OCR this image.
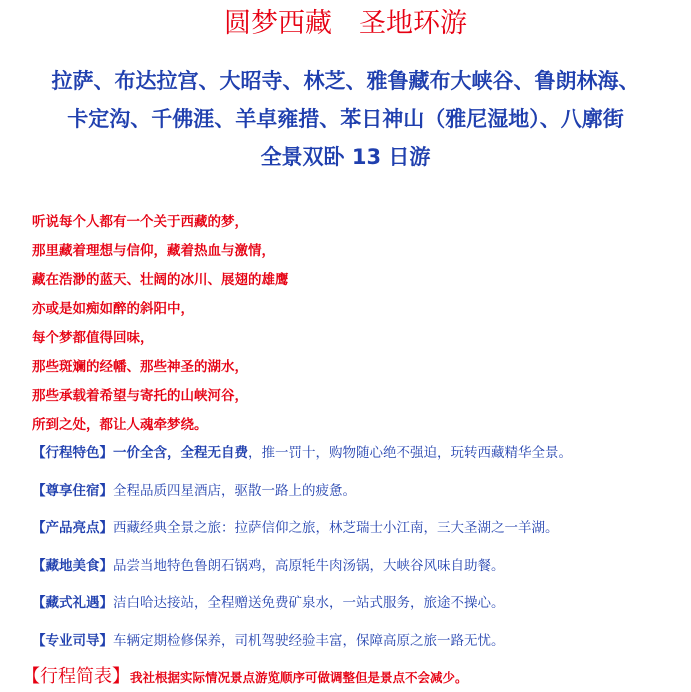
圆梦西藏　圣地环游
拉萨、布达拉宫、大昭寺、林芝、雅鲁藏布大峡谷、鲁朗林海、
卡定沟、千佛涯、羊卓雍措、苯日神山（雅尼湿地）、八廓街
全景双卧 13 日游
听说每个人都有一个关于西藏的梦，
那里藏着理想与信仰，藏着热血与激情，
藏在浩渺的蓝天、壮阔的冰川、展翅的雄鹰
亦或是如痴如醉的斜阳中，
每个梦都值得回味，
那些斑斓的经幡、那些神圣的湖水，
那些承载着希望与寄托的山峡河谷，
所到之处，都让人魂牵梦绕。
【行程特色】一价全含，全程无自费，推一罚十，购物随心绝不强迫，玩转西藏精华全景。
【尊享住宿】全程品质四星酒店，驱散一路上的疲惫。
【产品亮点】西藏经典全景之旅：拉萨信仰之旅，林芝瑞士小江南，三大圣湖之一羊湖。
【藏地美食】品尝当地特色鲁朗石锅鸡，高原牦牛肉汤锅，大峡谷风味自助餐。
【藏式礼遇】洁白哈达接站，全程赠送免费矿泉水，一站式服务，旅途不操心。
【专业司导】车辆定期检修保养，司机驾驶经验丰富，保障高原之旅一路无忧。
【行程简表】我社根据实际情况景点游览顺序可做调整但是景点不会减少。
